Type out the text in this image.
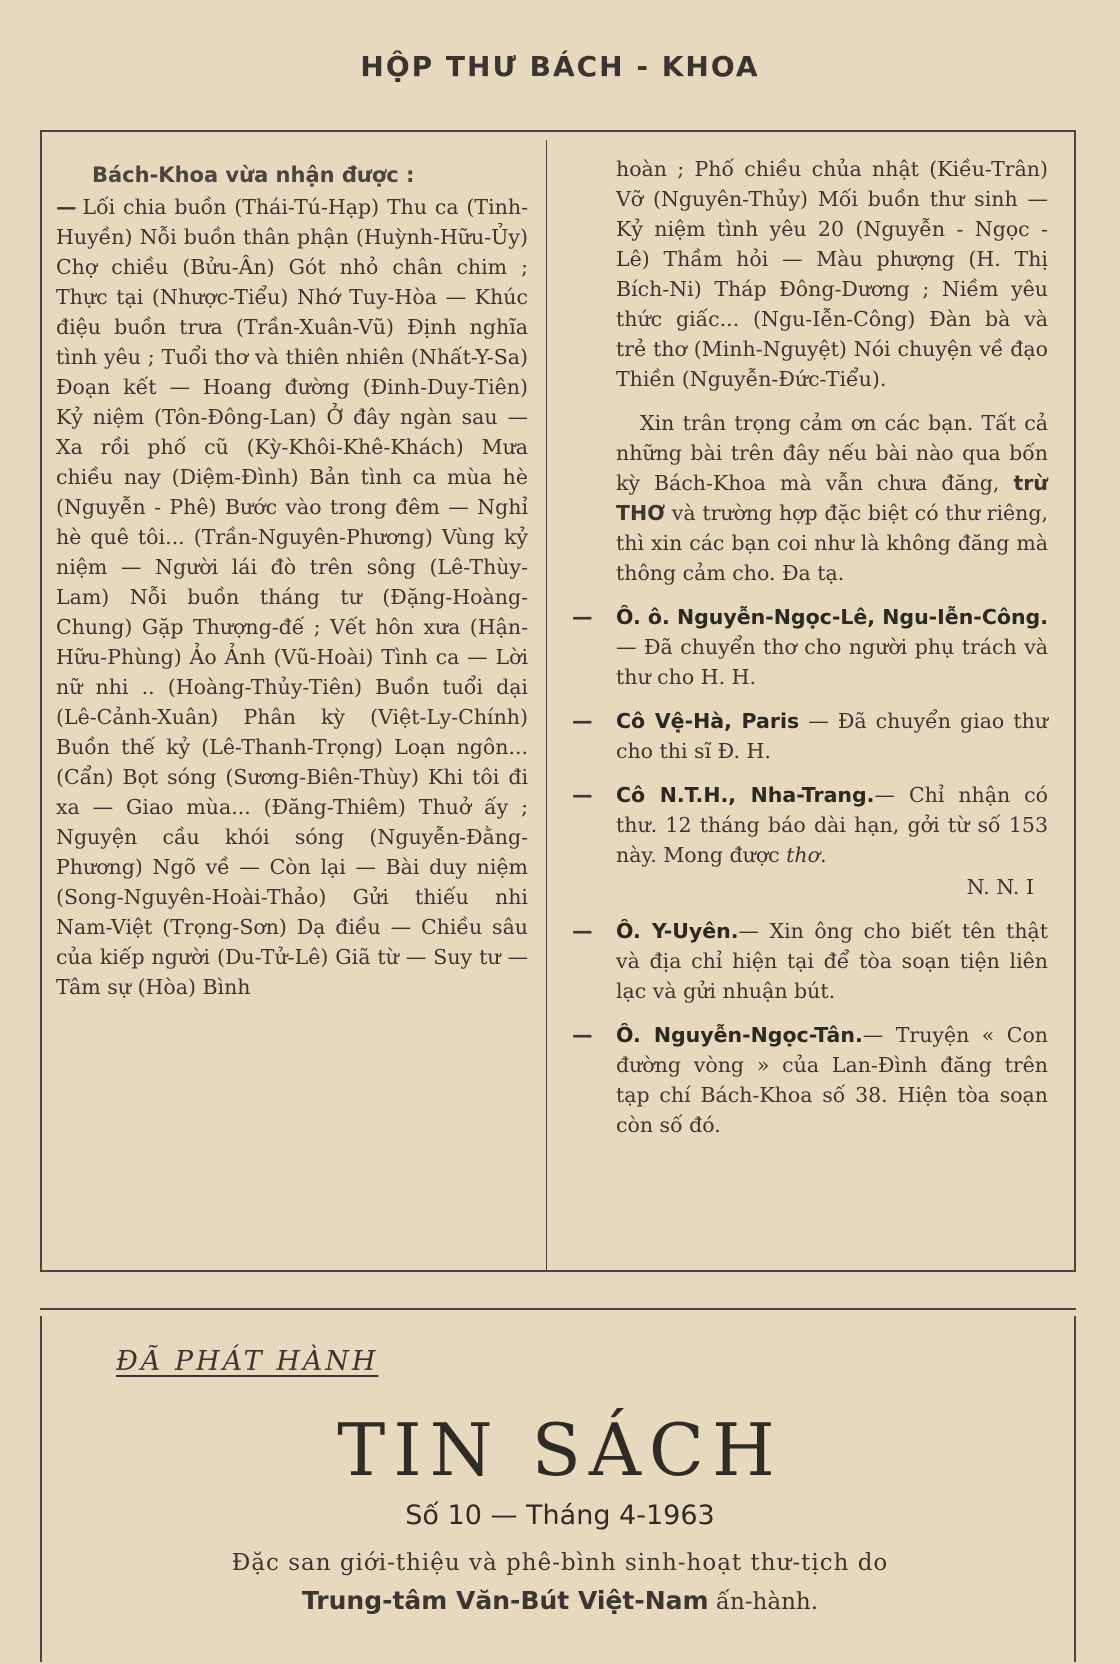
HỘP THƯ BÁCH - KHOA
Bách-Khoa vừa nhận được :

— Lối chia buồn (Thái-Tú-Hạp) Thu ca (Tinh-Huyền) Nỗi buồn thân phận (Huỳnh-Hữu-Ủy) Chợ chiều (Bửu-Ân) Gót nhỏ chân chim ; Thực tại (Nhược-Tiểu) Nhớ Tuy-Hòa — Khúc điệu buồn trưa (Trần-Xuân-Vũ) Định nghĩa tình yêu ; Tuổi thơ và thiên nhiên (Nhất-Y-Sa) Đoạn kết — Hoang đường (Đinh-Duy-Tiên) Kỷ niệm (Tôn-Đông-Lan) Ở đây ngàn sau — Xa rồi phố cũ (Kỳ-Khôi-Khê-Khách) Mưa chiều nay (Diệm-Đình) Bản tình ca mùa hè (Nguyễn - Phê) Bước vào trong đêm — Nghỉ hè quê tôi... (Trần-Nguyên-Phương) Vùng kỷ niệm — Người lái đò trên sông (Lê-Thùy-Lam) Nỗi buồn tháng tư (Đặng-Hoàng-Chung) Gặp Thượng-đế ; Vết hôn xưa (Hận-Hữu-Phùng) Ảo Ảnh (Vũ-Hoài) Tình ca — Lời nữ nhi .. (Hoàng-Thủy-Tiên) Buồn tuổi dại (Lê-Cảnh-Xuân) Phân kỳ (Việt-Ly-Chính) Buồn thế kỷ (Lê-Thanh-Trọng) Loạn ngôn... (Cẩn) Bọt sóng (Sương-Biên-Thùy) Khi tôi đi xa — Giao mùa... (Đăng-Thiêm) Thuở ấy ; Nguyện cầu khói sóng (Nguyễn-Đằng-Phương) Ngõ về — Còn lại — Bài duy niệm (Song-Nguyên-Hoài-Thảo) Gửi thiếu nhi Nam-Việt (Trọng-Sơn) Dạ điều — Chiều sâu của kiếp người (Du-Tử-Lê) Giã từ — Suy tư — Tâm sự (Hòa) Bình

hoàn ; Phố chiều chủa nhật (Kiều-Trân) Vỡ (Nguyên-Thủy) Mối buồn thư sinh — Kỷ niệm tình yêu 20 (Nguyễn - Ngọc - Lê) Thầm hỏi — Màu phượng (H. Thị Bích-Ni) Tháp Đông-Dương ; Niềm yêu thức giấc... (Ngu-Iễn-Công) Đàn bà và trẻ thơ (Minh-Nguyệt) Nói chuyện về đạo Thiền (Nguyễn-Đức-Tiểu).

Xin trân trọng cảm ơn các bạn. Tất cả những bài trên đây nếu bài nào qua bốn kỳ Bách-Khoa mà vẫn chưa đăng, trừ THƠ và trường hợp đặc biệt có thư riêng, thì xin các bạn coi như là không đăng mà thông cảm cho. Đa tạ.

— Ô. ô. Nguyễn-Ngọc-Lê, Ngu-Iễn-Công.— Đã chuyển thơ cho người phụ trách và thư cho H. H.

— Cô Vệ-Hà, Paris — Đã chuyển giao thư cho thi sĩ Đ. H.

— Cô N.T.H., Nha-Trang.— Chỉ nhận có thư. 12 tháng báo dài hạn, gởi từ số 153 này. Mong được thơ.

N. N. I

— Ô. Y-Uyên.— Xin ông cho biết tên thật và địa chỉ hiện tại để tòa soạn tiện liên lạc và gửi nhuận bút.

— Ô. Nguyễn-Ngọc-Tân.— Truyện « Con đường vòng » của Lan-Đình đăng trên tạp chí Bách-Khoa số 38. Hiện tòa soạn còn số đó.

ĐÃ PHÁT HÀNH
TIN SÁCH
Số 10 — Tháng 4-1963
Đặc san giới-thiệu và phê-bình sinh-hoạt thư-tịch do
Trung-tâm Văn-Bút Việt-Nam ấn-hành.
